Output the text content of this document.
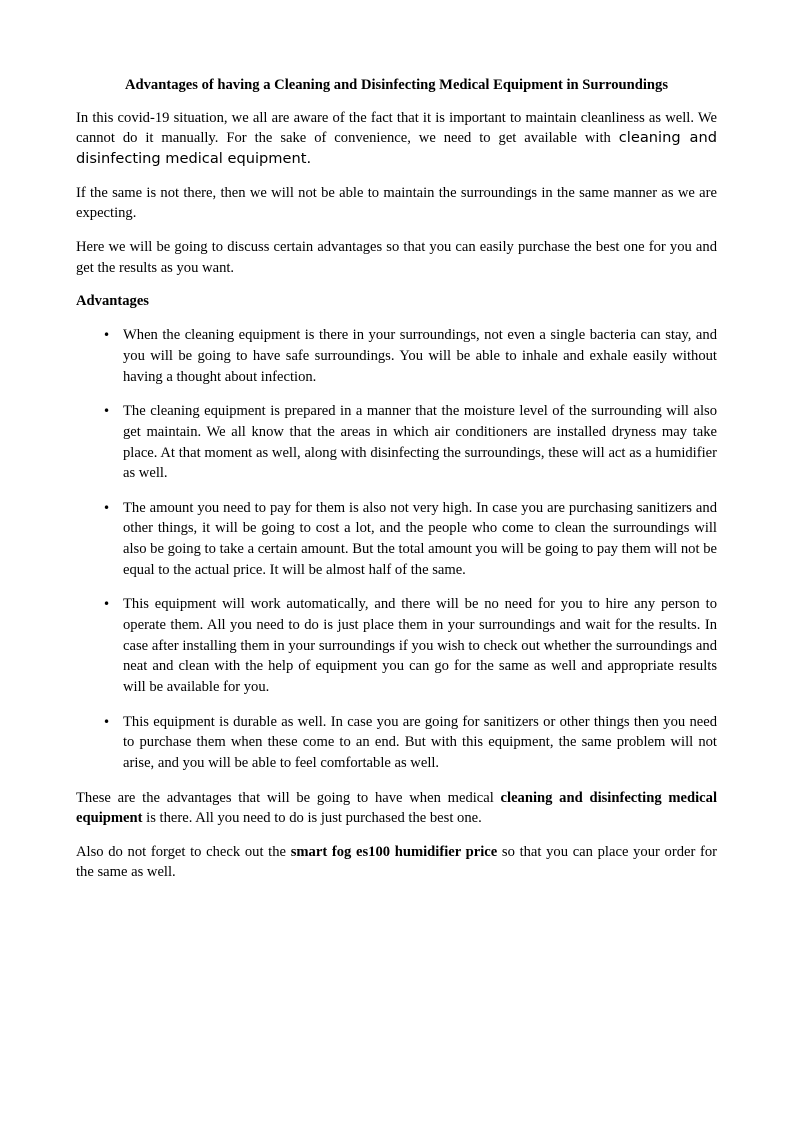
Advantages of having a Cleaning and Disinfecting Medical Equipment in Surroundings

In this covid-19 situation, we all are aware of the fact that it is important to maintain cleanliness as well. We cannot do it manually. For the sake of convenience, we need to get available with cleaning and disinfecting medical equipment.

If the same is not there, then we will not be able to maintain the surroundings in the same manner as we are expecting.

Here we will be going to discuss certain advantages so that you can easily purchase the best one for you and get the results as you want.

Advantages

• When the cleaning equipment is there in your surroundings, not even a single bacteria can stay, and you will be going to have safe surroundings. You will be able to inhale and exhale easily without having a thought about infection.
• The cleaning equipment is prepared in a manner that the moisture level of the surrounding will also get maintain. We all know that the areas in which air conditioners are installed dryness may take place. At that moment as well, along with disinfecting the surroundings, these will act as a humidifier as well.
• The amount you need to pay for them is also not very high. In case you are purchasing sanitizers and other things, it will be going to cost a lot, and the people who come to clean the surroundings will also be going to take a certain amount. But the total amount you will be going to pay them will not be equal to the actual price. It will be almost half of the same.
• This equipment will work automatically, and there will be no need for you to hire any person to operate them. All you need to do is just place them in your surroundings and wait for the results. In case after installing them in your surroundings if you wish to check out whether the surroundings and neat and clean with the help of equipment you can go for the same as well and appropriate results will be available for you.
• This equipment is durable as well. In case you are going for sanitizers or other things then you need to purchase them when these come to an end. But with this equipment, the same problem will not arise, and you will be able to feel comfortable as well.

These are the advantages that will be going to have when medical cleaning and disinfecting medical equipment is there. All you need to do is just purchased the best one.

Also do not forget to check out the smart fog es100 humidifier price so that you can place your order for the same as well.
